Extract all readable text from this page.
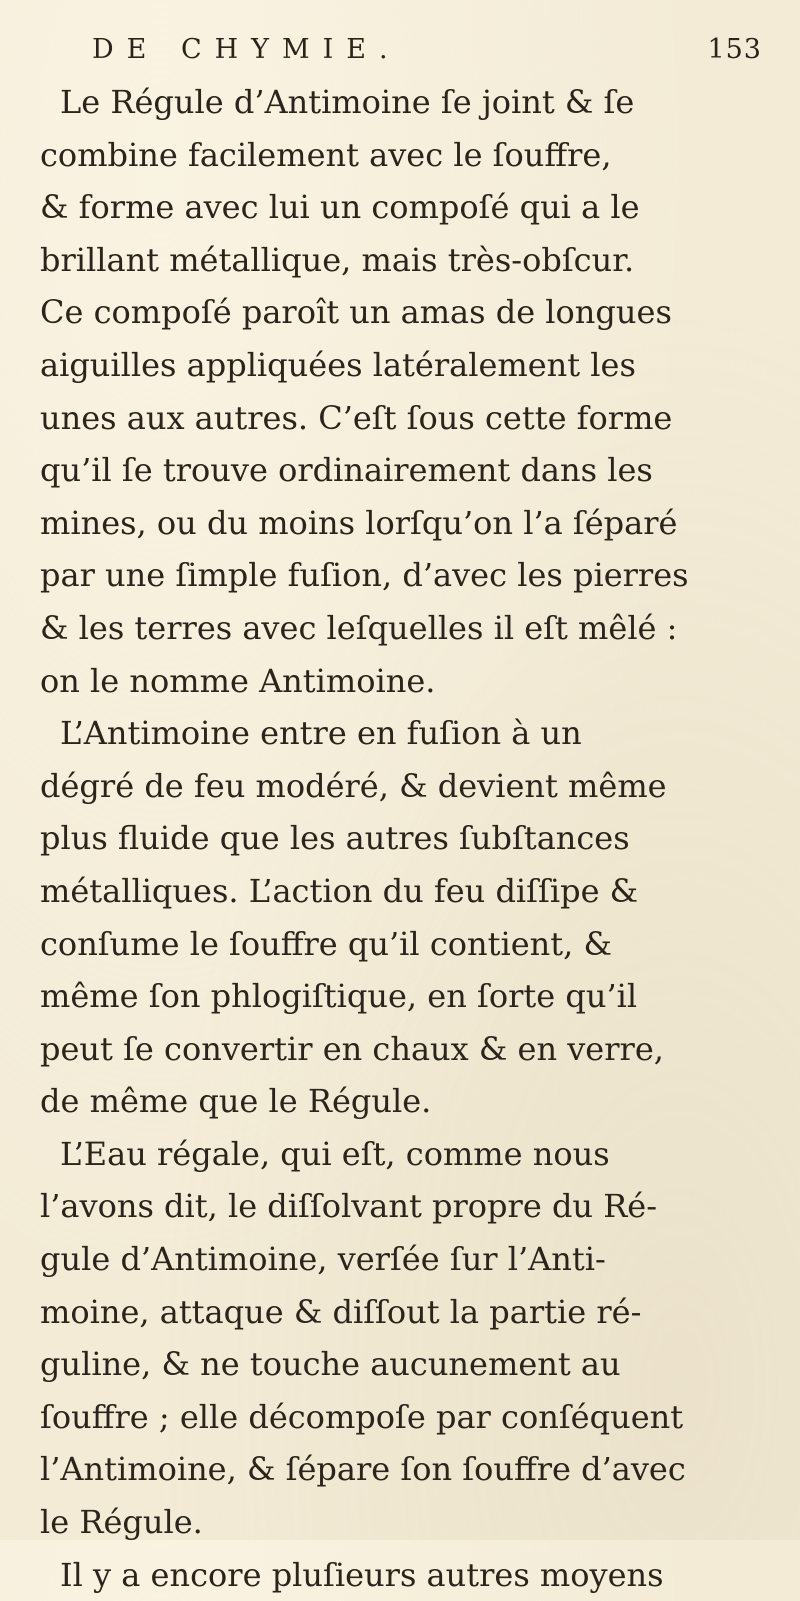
DE CHYMIE.	153
Le Régule d’Antimoine ſe joint & ſe
combine facilement avec le ſouffre,
& forme avec lui un compoſé qui a le
brillant métallique, mais très-obſcur.
Ce compoſé paroît un amas de longues
aiguilles appliquées latéralement les
unes aux autres. C’eſt ſous cette forme
qu’il ſe trouve ordinairement dans les
mines, ou du moins lorſqu’on l’a ſéparé
par une ſimple fuſion, d’avec les pierres
& les terres avec leſquelles il eſt mêlé :
on le nomme Antimoine.
L’Antimoine entre en fuſion à un
dégré de feu modéré, & devient même
plus fluide que les autres ſubſtances
métalliques. L’action du feu diſſipe &
conſume le ſouffre qu’il contient, &
même ſon phlogiſtique, en ſorte qu’il
peut ſe convertir en chaux & en verre,
de même que le Régule.
L’Eau régale, qui eſt, comme nous
l’avons dit, le diſſolvant propre du Ré-
gule d’Antimoine, verſée ſur l’Anti-
moine, attaque & diſſout la partie ré-
guline, & ne touche aucunement au
ſouffre ; elle décompoſe par conſéquent
l’Antimoine, & ſépare ſon ſouffre d’avec
le Régule.
Il y a encore pluſieurs autres moyens
